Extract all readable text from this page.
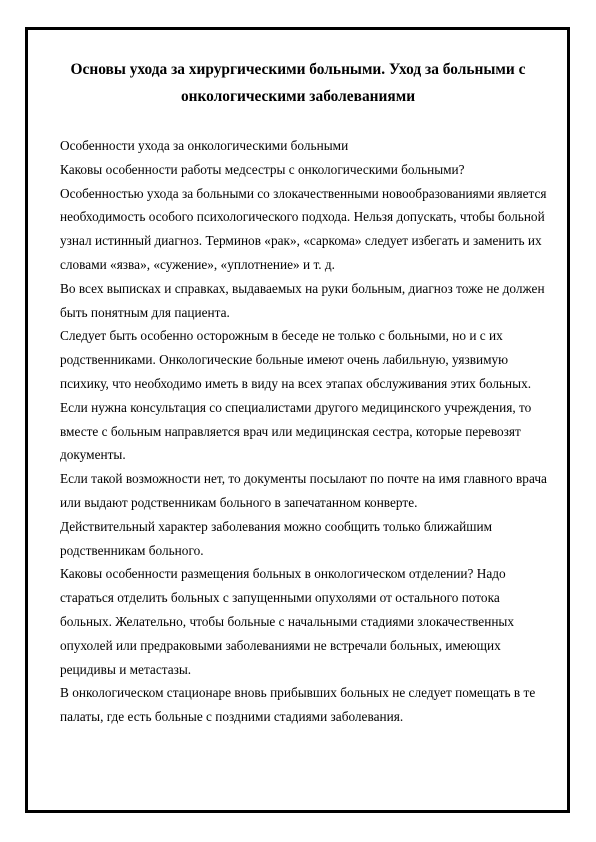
Основы ухода за хирургическими больными. Уход за больными с онкологическими заболеваниями

Особенности ухода за онкологическими больными

Каковы особенности работы медсестры с онкологическими больными?

Особенностью ухода за больными со злокачественными новообразованиями является необходимость особого психологического подхода. Нельзя допускать, чтобы больной узнал истинный диагноз. Терминов «рак», «саркома» следует избегать и заменить их словами «язва», «сужение», «уплотнение» и т. д.

Во всех выписках и справках, выдаваемых на руки больным, диагноз тоже не должен быть понятным для пациента.

Следует быть особенно осторожным в беседе не только с больными, но и с их родственниками. Онкологические больные имеют очень лабильную, уязвимую психику, что необходимо иметь в виду на всех этапах обслуживания этих больных.

Если нужна консультация со специалистами другого медицинского учреждения, то вместе с больным направляется врач или медицинская сестра, которые перевозят документы.

Если такой возможности нет, то документы посылают по почте на имя главного врача или выдают родственникам больного в запечатанном конверте.

Действительный характер заболевания можно сообщить только ближайшим родственникам больного.

Каковы особенности размещения больных в онкологическом отделении? Надо стараться отделить больных с запущенными опухолями от остального потока больных. Желательно, чтобы больные с начальными стадиями злокачественных опухолей или предраковыми заболеваниями не встречали больных, имеющих рецидивы и метастазы.

В онкологическом стационаре вновь прибывших больных не следует помещать в те палаты, где есть больные с поздними стадиями заболевания.
